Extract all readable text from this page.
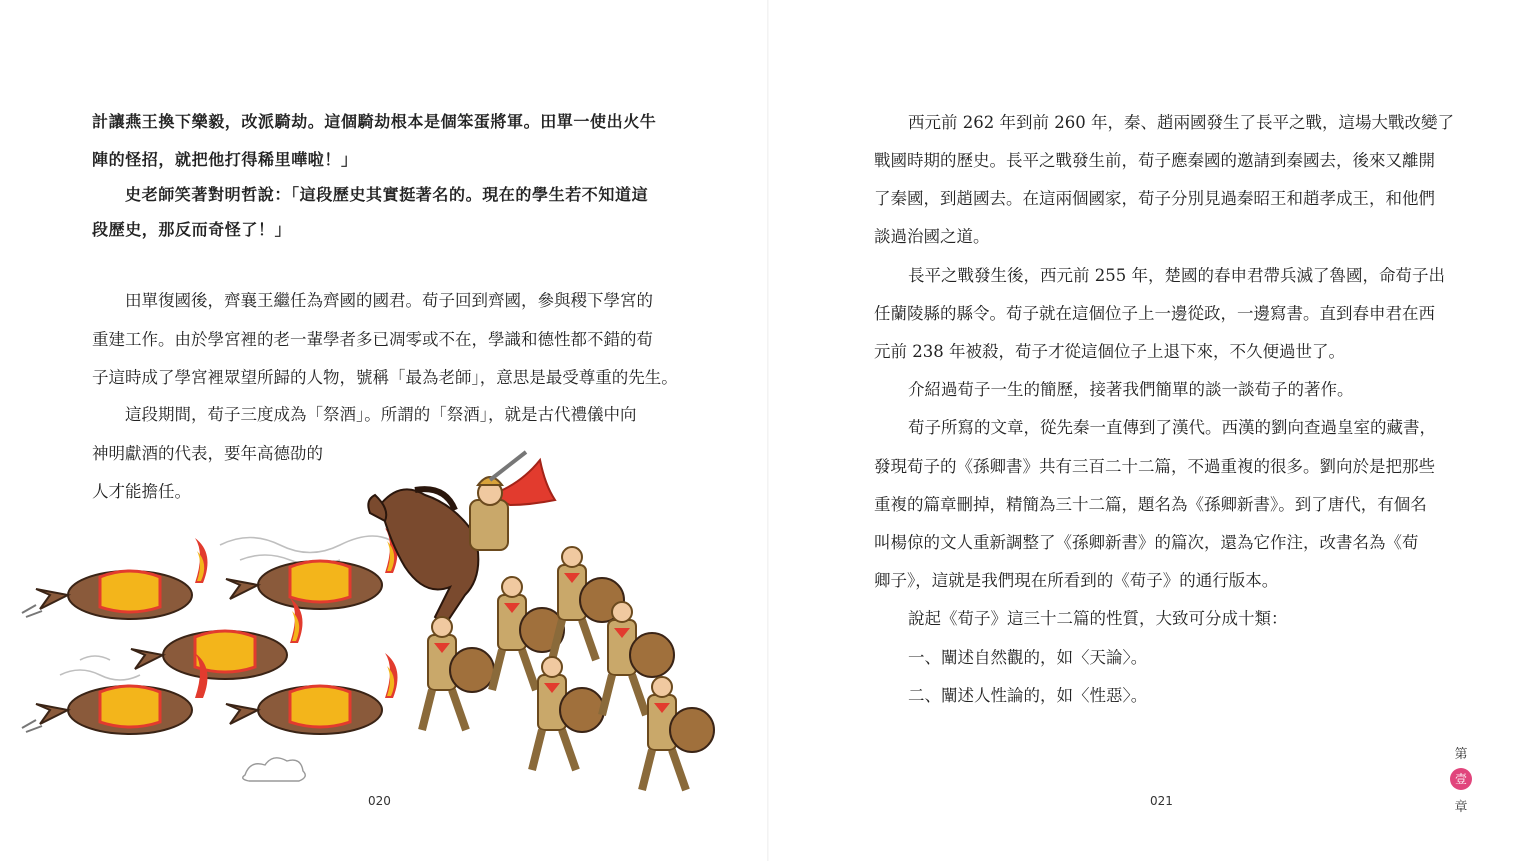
計讓燕王換下樂毅，改派騎劫。這個騎劫根本是個笨蛋將軍。田單一使出火牛
陣的怪招，就把他打得稀里嘩啦！」
史老師笑著對明哲說：「這段歷史其實挺著名的。現在的學生若不知道這
段歷史，那反而奇怪了！」
田單復國後，齊襄王繼任為齊國的國君。荀子回到齊國，參與稷下學宮的
重建工作。由於學宮裡的老一輩學者多已凋零或不在，學識和德性都不錯的荀
子這時成了學宮裡眾望所歸的人物，號稱「最為老師」，意思是最受尊重的先生。
這段期間，荀子三度成為「祭酒」。所謂的「祭酒」，就是古代禮儀中向
神明獻酒的代表，要年高德劭的
人才能擔任。
020
西元前 262 年到前 260 年，秦、趙兩國發生了長平之戰，這場大戰改變了
戰國時期的歷史。長平之戰發生前，荀子應秦國的邀請到秦國去，後來又離開
了秦國，到趙國去。在這兩個國家，荀子分別見過秦昭王和趙孝成王，和他們
談過治國之道。
長平之戰發生後，西元前 255 年，楚國的春申君帶兵滅了魯國，命荀子出
任蘭陵縣的縣令。荀子就在這個位子上一邊從政，一邊寫書。直到春申君在西
元前 238 年被殺，荀子才從這個位子上退下來，不久便過世了。
介紹過荀子一生的簡歷，接著我們簡單的談一談荀子的著作。
荀子所寫的文章，從先秦一直傳到了漢代。西漢的劉向查過皇室的藏書，
發現荀子的《孫卿書》共有三百二十二篇，不過重複的很多。劉向於是把那些
重複的篇章刪掉，精簡為三十二篇，題名為《孫卿新書》。到了唐代，有個名
叫楊倞的文人重新調整了《孫卿新書》的篇次，還為它作注，改書名為《荀
卿子》，這就是我們現在所看到的《荀子》的通行版本。
說起《荀子》這三十二篇的性質，大致可分成十類：
一、闡述自然觀的，如〈天論〉。
二、闡述人性論的，如〈性惡〉。
021
第
壹
章
